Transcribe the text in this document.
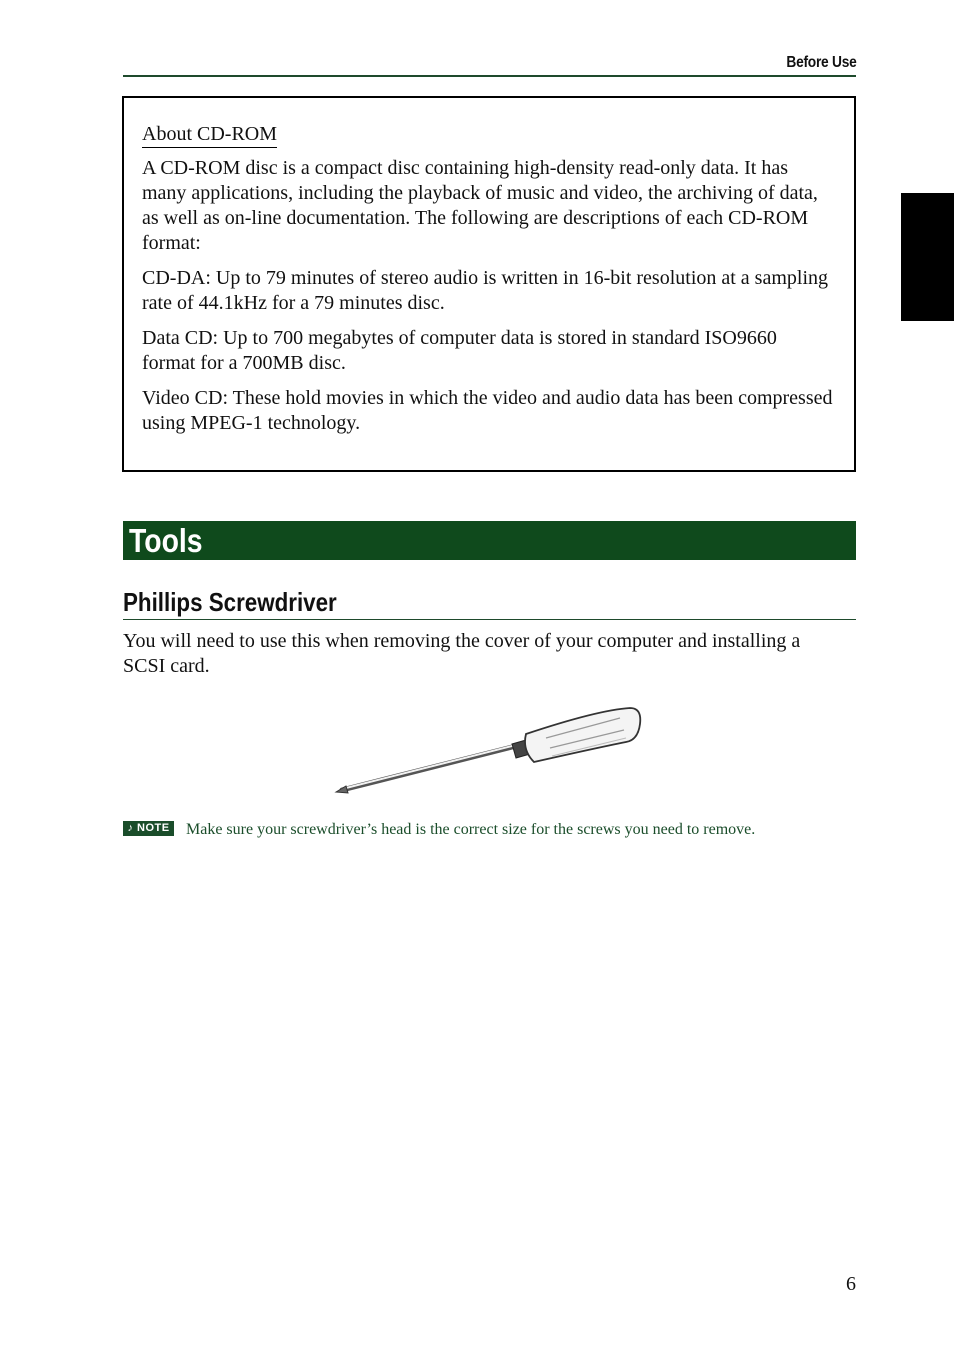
Before Use
About CD-ROM

A CD-ROM disc is a compact disc containing high-density read-only data. It has many applications, including the playback of music and video, the archiving of data, as well as on-line documentation. The following are descriptions of each CD-ROM format:

CD-DA: Up to 79 minutes of stereo audio is written in 16-bit resolution at a sampling rate of 44.1kHz for a 79 minutes disc.

Data CD: Up to 700 megabytes of computer data is stored in standard ISO9660 format for a 700MB disc.

Video CD: These hold movies in which the video and audio data has been compressed using MPEG-1 technology.

Tools
Phillips Screwdriver

You will need to use this when removing the cover of your computer and installing a SCSI card.

♪ NOTE Make sure your screwdriver’s head is the correct size for the screws you need to remove.
6
